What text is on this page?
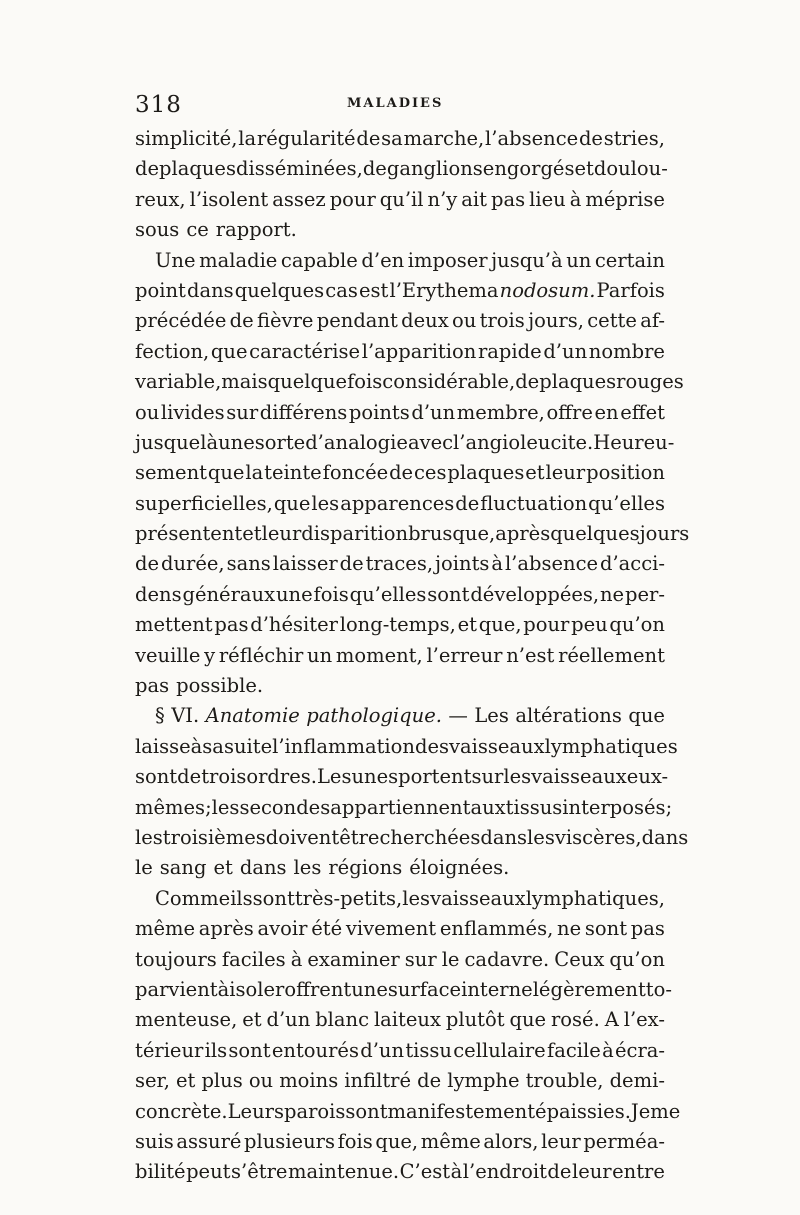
318	MALADIES
simplicité, la régularité de sa marche, l’absence de stries,
de plaques disséminées, de ganglions engorgés et doulou-
reux, l’isolent assez pour qu’il n’y ait pas lieu à méprise
sous ce rapport.
Une maladie capable d’en imposer jusqu’à un certain
point dans quelques cas est l’Erythema nodosum. Parfois
précédée de fièvre pendant deux ou trois jours, cette af-
fection, que caractérise l’apparition rapide d’un nombre
variable, mais quelquefois considérable, de plaques rouges
ou livides sur différens points d’un membre, offre en effet
jusque là une sorte d’analogie avec l’angioleucite. Heureu-
sement que la teinte foncée de ces plaques et leur position
superficielles, que les apparences de fluctuation qu’elles
présentent et leur disparition brusque, après quelques jours
de durée, sans laisser de traces, joints à l’absence d’acci-
dens généraux une fois qu’elles sont développées, ne per-
mettent pas d’hésiter long-temps, et que, pour peu qu’on
veuille y réfléchir un moment, l’erreur n’est réellement
pas possible.
§ VI. Anatomie pathologique. — Les altérations que
laisse à sa suite l’inflammation des vaisseaux lymphatiques
sont de trois ordres. Les unes portent sur les vaisseaux eux-
mêmes; les secondes appartiennent aux tissus interposés;
les troisièmes doivent être cherchées dans les viscères, dans
le sang et dans les régions éloignées.
Comme ils sont très-petits, les vaisseaux lymphatiques,
même après avoir été vivement enflammés, ne sont pas
toujours faciles à examiner sur le cadavre. Ceux qu’on
parvient à isoler offrent une surface interne légèrement to-
menteuse, et d’un blanc laiteux plutôt que rosé. A l’ex-
térieur ils sont entourés d’un tissu cellulaire facile à écra-
ser, et plus ou moins infiltré de lymphe trouble, demi-
concrète. Leurs parois sont manifestement épaissies. Je me
suis assuré plusieurs fois que, même alors, leur perméa-
bilité peut s’être maintenue. C’est à l’endroit de leur entre
